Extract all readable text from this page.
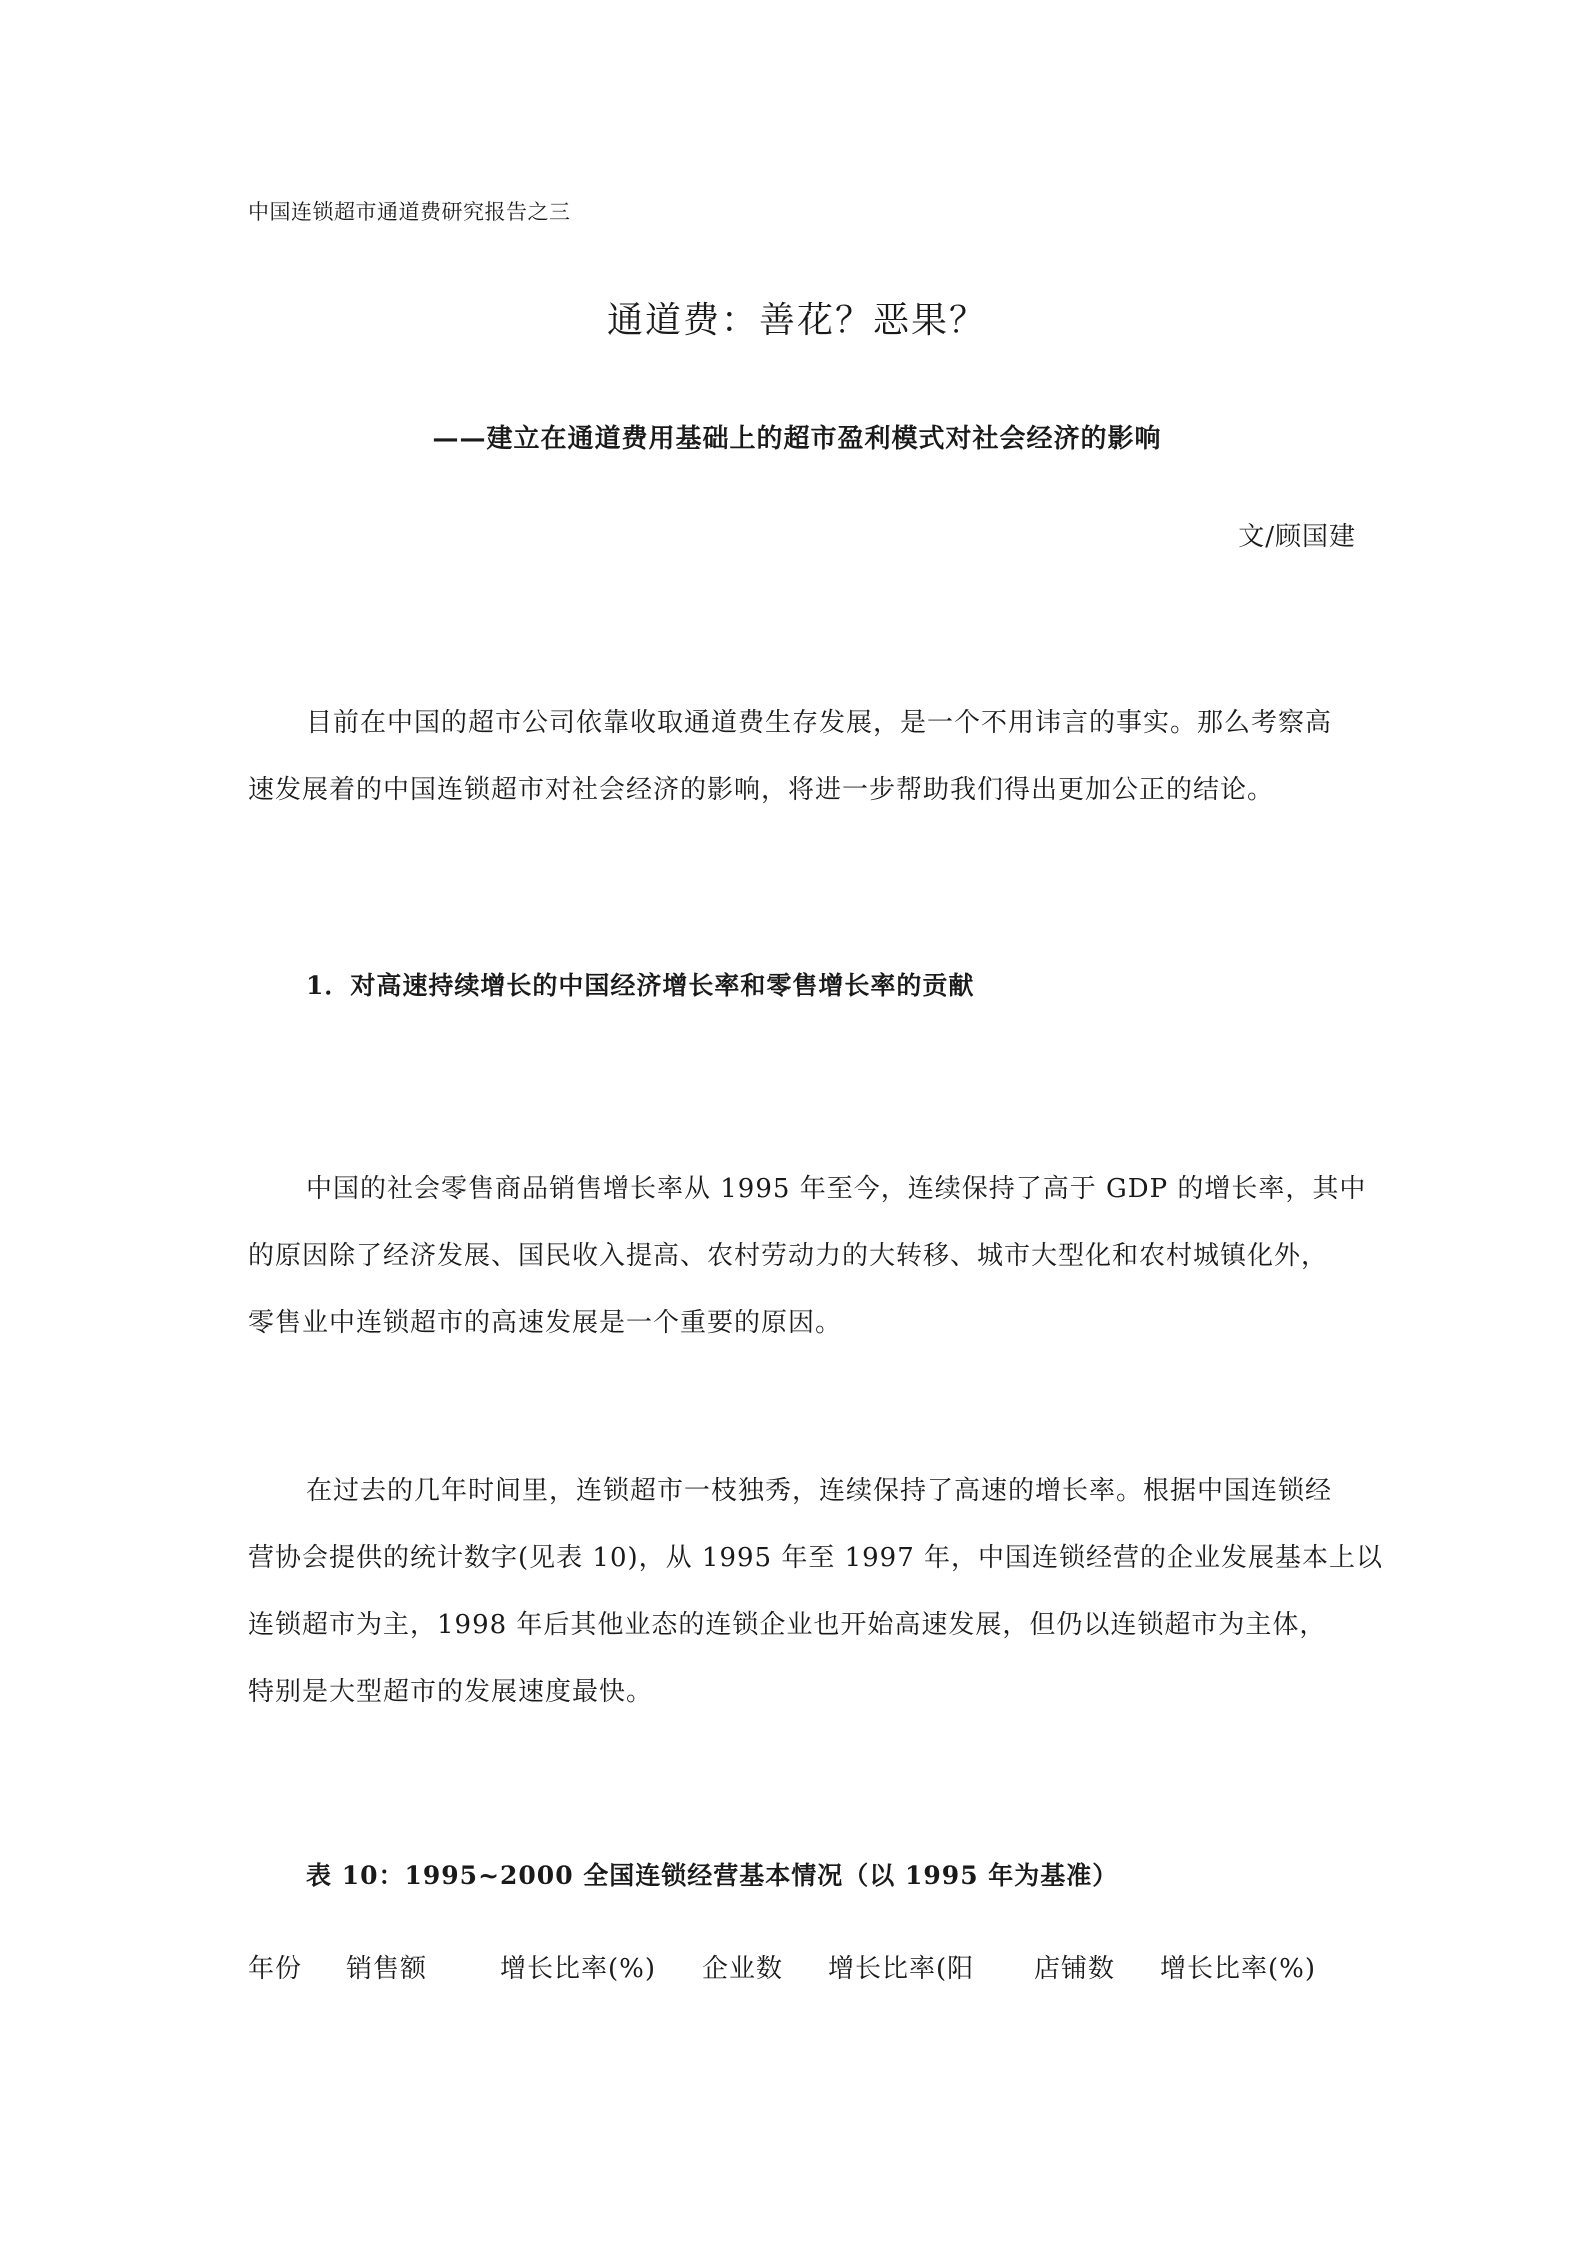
中国连锁超市通道费研究报告之三
通道费：善花？恶果？
——建立在通道费用基础上的超市盈利模式对社会经济的影响
文/顾国建
目前在中国的超市公司依靠收取通道费生存发展，是一个不用讳言的事实。那么考察高
速发展着的中国连锁超市对社会经济的影响，将进一步帮助我们得出更加公正的结论。
1．对高速持续增长的中国经济增长率和零售增长率的贡献
中国的社会零售商品销售增长率从 1995 年至今，连续保持了高于 GDP 的增长率，其中
的原因除了经济发展、国民收入提高、农村劳动力的大转移、城市大型化和农村城镇化外，
零售业中连锁超市的高速发展是一个重要的原因。
在过去的几年时间里，连锁超市一枝独秀，连续保持了高速的增长率。根据中国连锁经
营协会提供的统计数字(见表 10)，从 1995 年至 1997 年，中国连锁经营的企业发展基本上以
连锁超市为主，1998 年后其他业态的连锁企业也开始高速发展，但仍以连锁超市为主体，
特别是大型超市的发展速度最快。
表 10：1995~2000 全国连锁经营基本情况（以 1995 年为基准）
年份 销售额	增长比率(%) 企业数 增长比率(阳 店铺数 增长比率(%)
